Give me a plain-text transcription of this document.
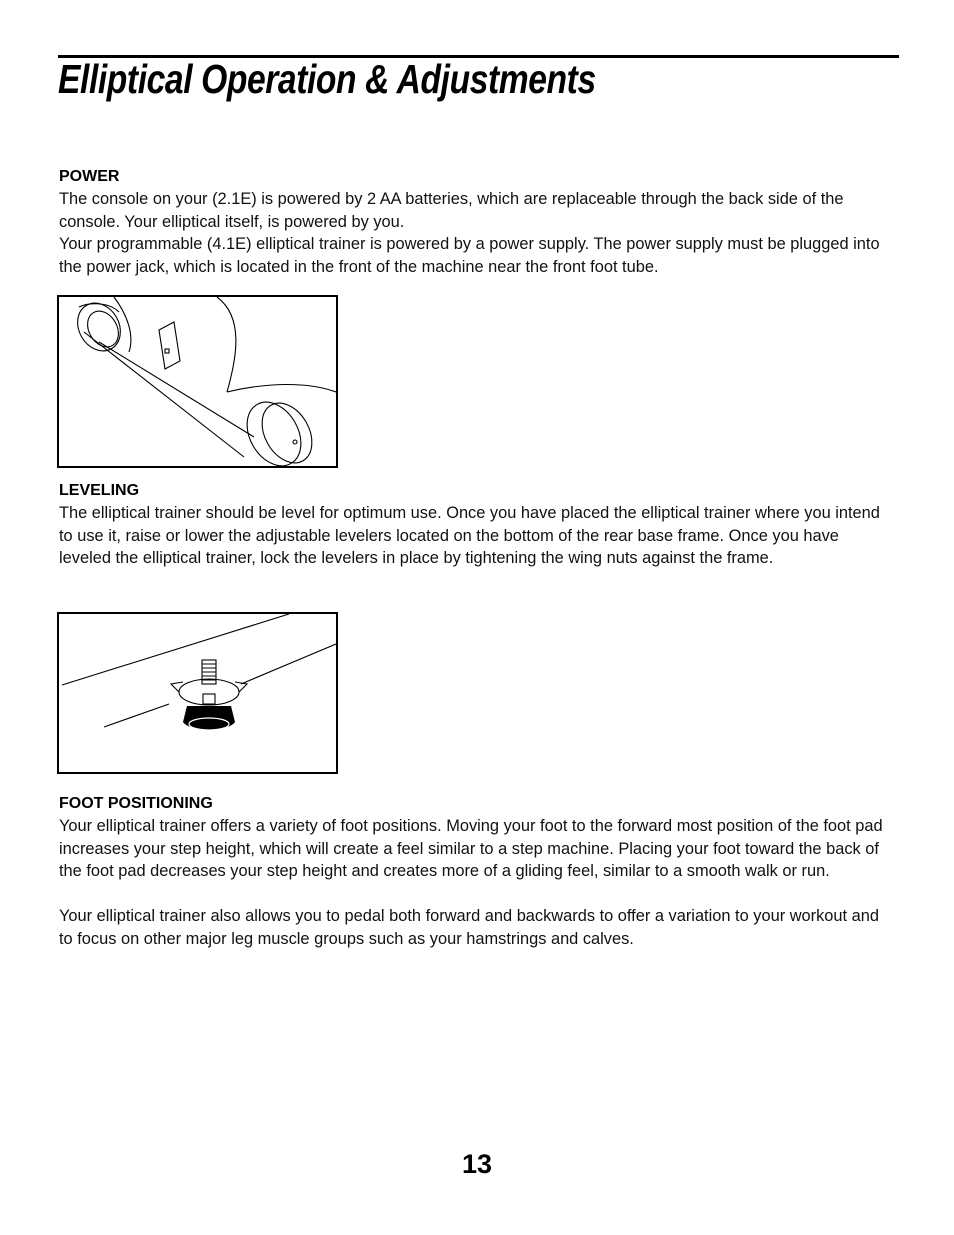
Elliptical Operation & Adjustments
POWER

The console on your (2.1E) is powered by 2 AA batteries, which are replaceable through the back side of the console. Your elliptical itself, is powered by you.

Your programmable (4.1E) elliptical trainer is powered by a power supply. The power supply must be plugged into the power jack, which is located in the front of the machine near the front foot tube.

LEVELING

The elliptical trainer should be level for optimum use. Once you have placed the elliptical trainer where you intend to use it, raise or lower the adjustable levelers located on the bottom of the rear base frame. Once you have leveled the elliptical trainer, lock the levelers in place by tightening the wing nuts against the frame.

FOOT POSITIONING

Your elliptical trainer offers a variety of foot positions. Moving your foot to the forward most position of the foot pad increases your step height, which will create a feel similar to a step machine. Placing your foot toward the back of the foot pad decreases your step height and creates more of a gliding feel, similar to a smooth walk or run.

Your elliptical trainer also allows you to pedal both forward and backwards to offer a variation to your workout and to focus on other major leg muscle groups such as your hamstrings and calves.

13
